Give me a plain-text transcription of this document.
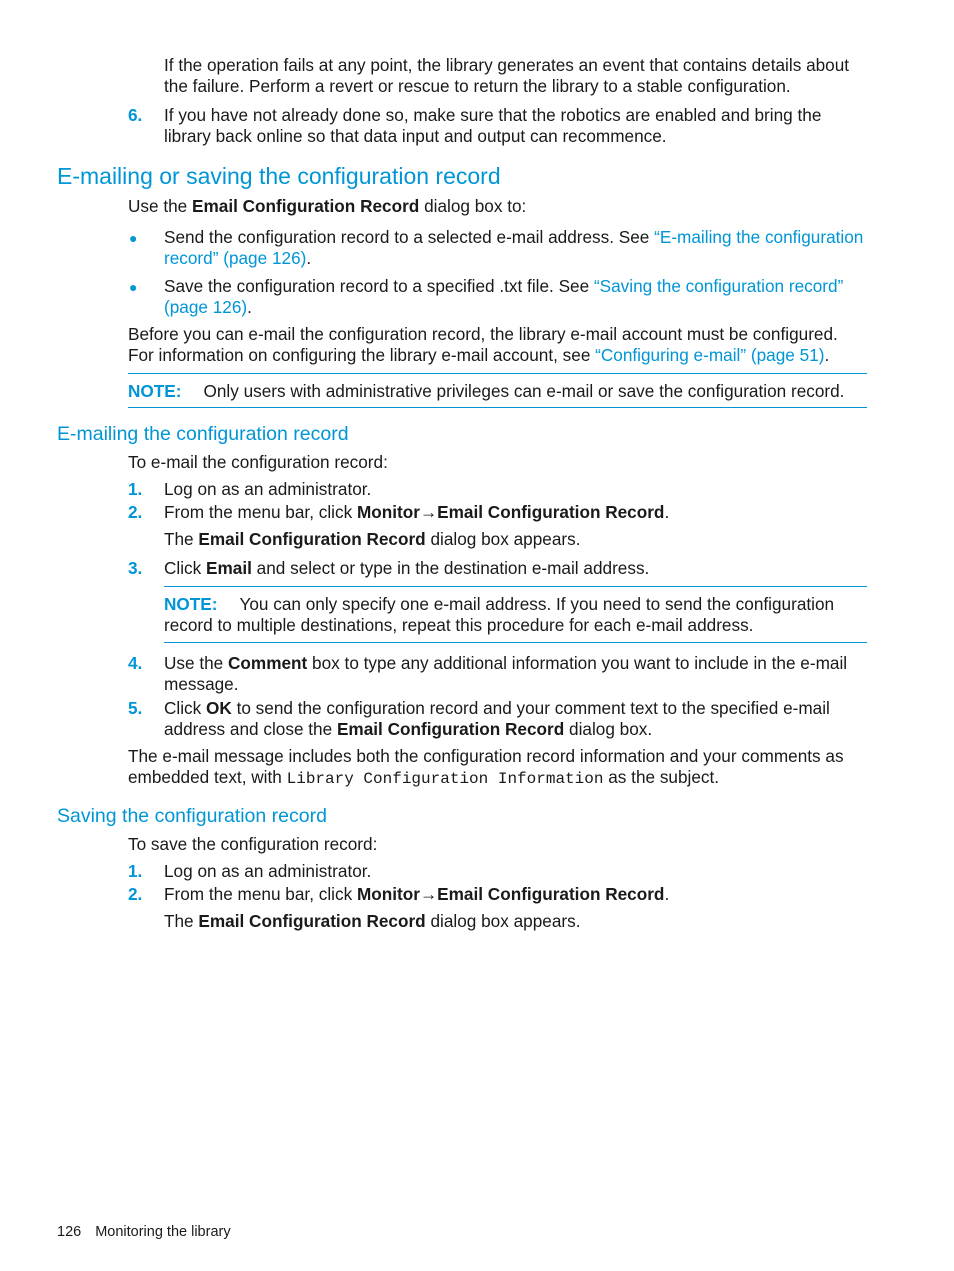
If the operation fails at any point, the library generates an event that contains details about the failure. Perform a revert or rescue to return the library to a stable configuration.
6. If you have not already done so, make sure that the robotics are enabled and bring the library back online so that data input and output can recommence.
E-mailing or saving the configuration record
Use the Email Configuration Record dialog box to:
● Send the configuration record to a selected e-mail address. See “E-mailing the configuration record” (page 126).
● Save the configuration record to a specified .txt file. See “Saving the configuration record” (page 126).
Before you can e-mail the configuration record, the library e-mail account must be configured. For information on configuring the library e-mail account, see “Configuring e-mail” (page 51).
NOTE: Only users with administrative privileges can e-mail or save the configuration record.
E-mailing the configuration record
To e-mail the configuration record:
1. Log on as an administrator.
2. From the menu bar, click Monitor→Email Configuration Record.
The Email Configuration Record dialog box appears.
3. Click Email and select or type in the destination e-mail address.
NOTE: You can only specify one e-mail address. If you need to send the configuration record to multiple destinations, repeat this procedure for each e-mail address.
4. Use the Comment box to type any additional information you want to include in the e-mail message.
5. Click OK to send the configuration record and your comment text to the specified e-mail address and close the Email Configuration Record dialog box.
The e-mail message includes both the configuration record information and your comments as embedded text, with Library Configuration Information as the subject.
Saving the configuration record
To save the configuration record:
1. Log on as an administrator.
2. From the menu bar, click Monitor→Email Configuration Record.
The Email Configuration Record dialog box appears.
126 Monitoring the library
